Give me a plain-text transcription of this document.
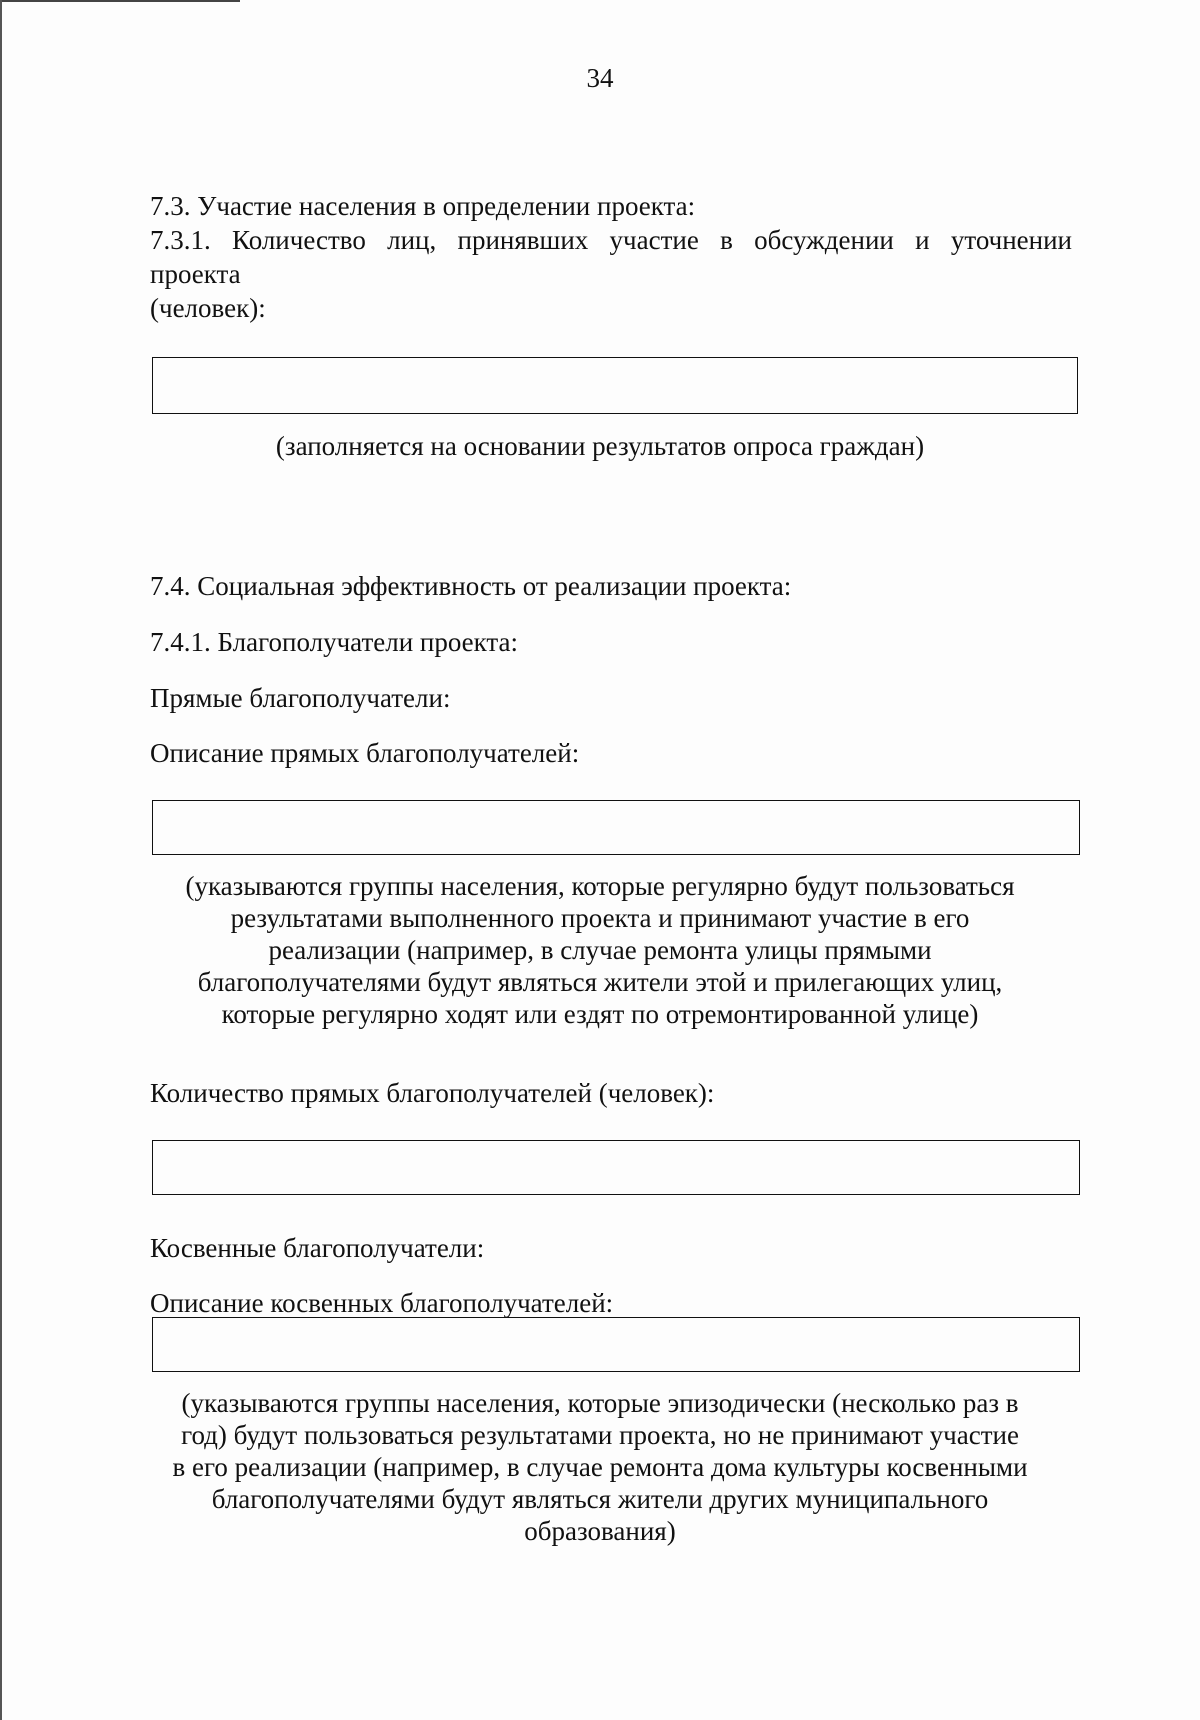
34
7.3. Участие населения в определении проекта:
7.3.1. Количество лиц, принявших участие в обсуждении и уточнении
проекта
(человек):
(заполняется на основании результатов опроса граждан)
7.4. Социальная эффективность от реализации проекта:
7.4.1. Благополучатели проекта:
Прямые благополучатели:
Описание прямых благополучателей:
(указываются группы населения, которые регулярно будут пользоваться
результатами выполненного проекта и принимают участие в его
реализации (например, в случае ремонта улицы прямыми
благополучателями будут являться жители этой и прилегающих улиц,
которые регулярно ходят или ездят по отремонтированной улице)
Количество прямых благополучателей (человек):
Косвенные благополучатели:
Описание косвенных благополучателей:
(указываются группы населения, которые эпизодически (несколько раз в
год) будут пользоваться результатами проекта, но не принимают участие
в его реализации (например, в случае ремонта дома культуры косвенными
благополучателями будут являться жители других муниципального
образования)
